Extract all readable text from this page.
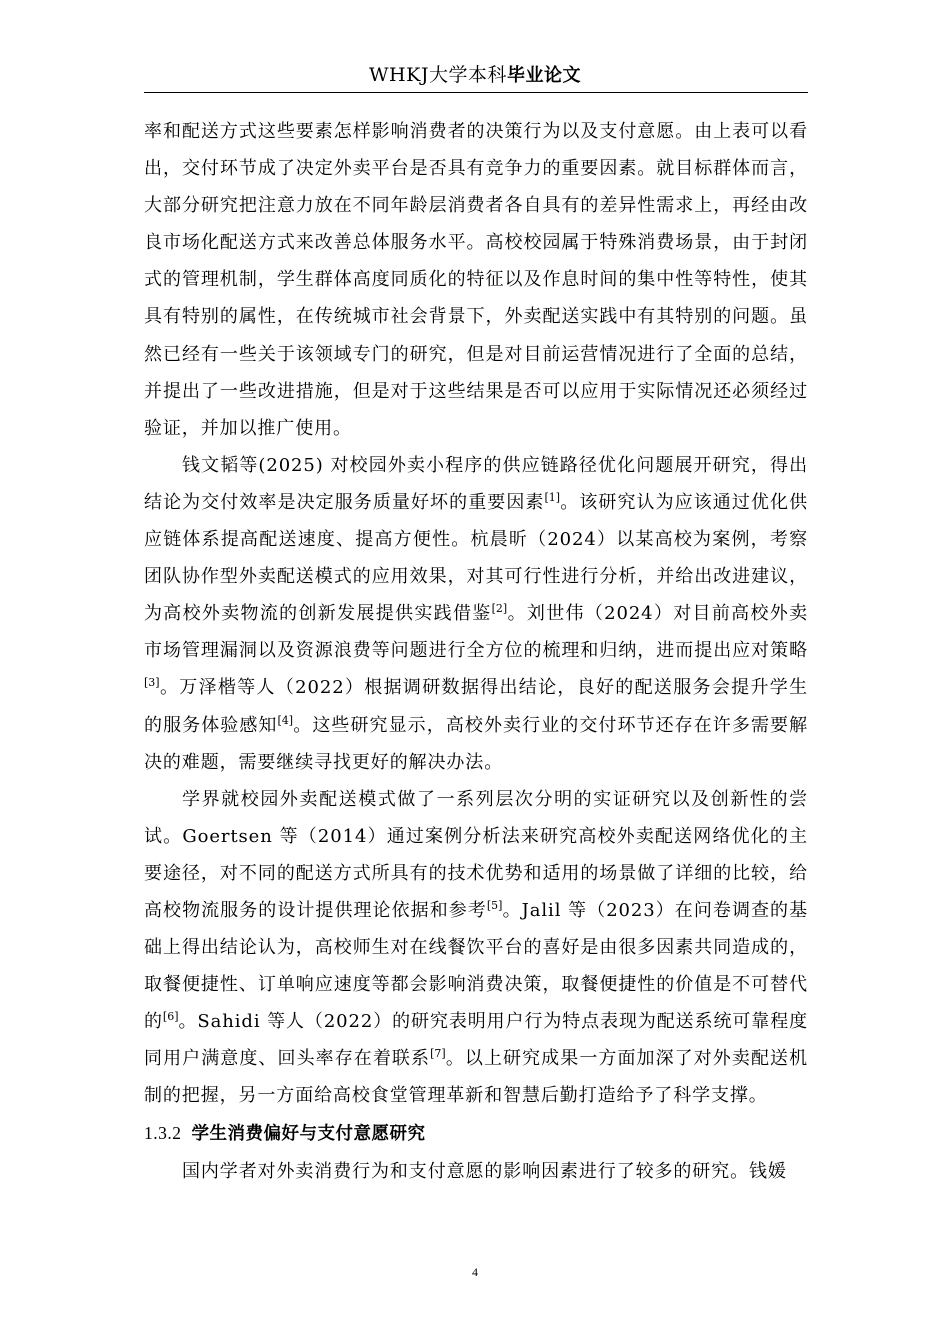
WHKJ大学本科毕业论文

率和配送方式这些要素怎样影响消费者的决策行为以及支付意愿。由上表可以看出，交付环节成了决定外卖平台是否具有竞争力的重要因素。就目标群体而言，大部分研究把注意力放在不同年龄层消费者各自具有的差异性需求上，再经由改良市场化配送方式来改善总体服务水平。高校校园属于特殊消费场景，由于封闭式的管理机制，学生群体高度同质化的特征以及作息时间的集中性等特性，使其具有特别的属性，在传统城市社会背景下，外卖配送实践中有其特别的问题。虽然已经有一些关于该领域专门的研究，但是对目前运营情况进行了全面的总结，并提出了一些改进措施，但是对于这些结果是否可以应用于实际情况还必须经过验证，并加以推广使用。

钱文韬等(2025) 对校园外卖小程序的供应链路径优化问题展开研究，得出结论为交付效率是决定服务质量好坏的重要因素[1]。该研究认为应该通过优化供应链体系提高配送速度、提高方便性。杭晨昕（2024）以某高校为案例，考察团队协作型外卖配送模式的应用效果，对其可行性进行分析，并给出改进建议，为高校外卖物流的创新发展提供实践借鉴[2]。刘世伟（2024）对目前高校外卖市场管理漏洞以及资源浪费等问题进行全方位的梳理和归纳，进而提出应对策略[3]。万泽楷等人（2022）根据调研数据得出结论，良好的配送服务会提升学生的服务体验感知[4]。这些研究显示，高校外卖行业的交付环节还存在许多需要解决的难题，需要继续寻找更好的解决办法。

学界就校园外卖配送模式做了一系列层次分明的实证研究以及创新性的尝试。Goertsen 等（2014）通过案例分析法来研究高校外卖配送网络优化的主要途径，对不同的配送方式所具有的技术优势和适用的场景做了详细的比较，给高校物流服务的设计提供理论依据和参考[5]。Jalil 等（2023）在问卷调查的基础上得出结论认为，高校师生对在线餐饮平台的喜好是由很多因素共同造成的，取餐便捷性、订单响应速度等都会影响消费决策，取餐便捷性的价值是不可替代的[6]。Sahidi 等人（2022）的研究表明用户行为特点表现为配送系统可靠程度同用户满意度、回头率存在着联系[7]。以上研究成果一方面加深了对外卖配送机制的把握，另一方面给高校食堂管理革新和智慧后勤打造给予了科学支撑。

1.3.2 学生消费偏好与支付意愿研究

国内学者对外卖消费行为和支付意愿的影响因素进行了较多的研究。钱媛

4
